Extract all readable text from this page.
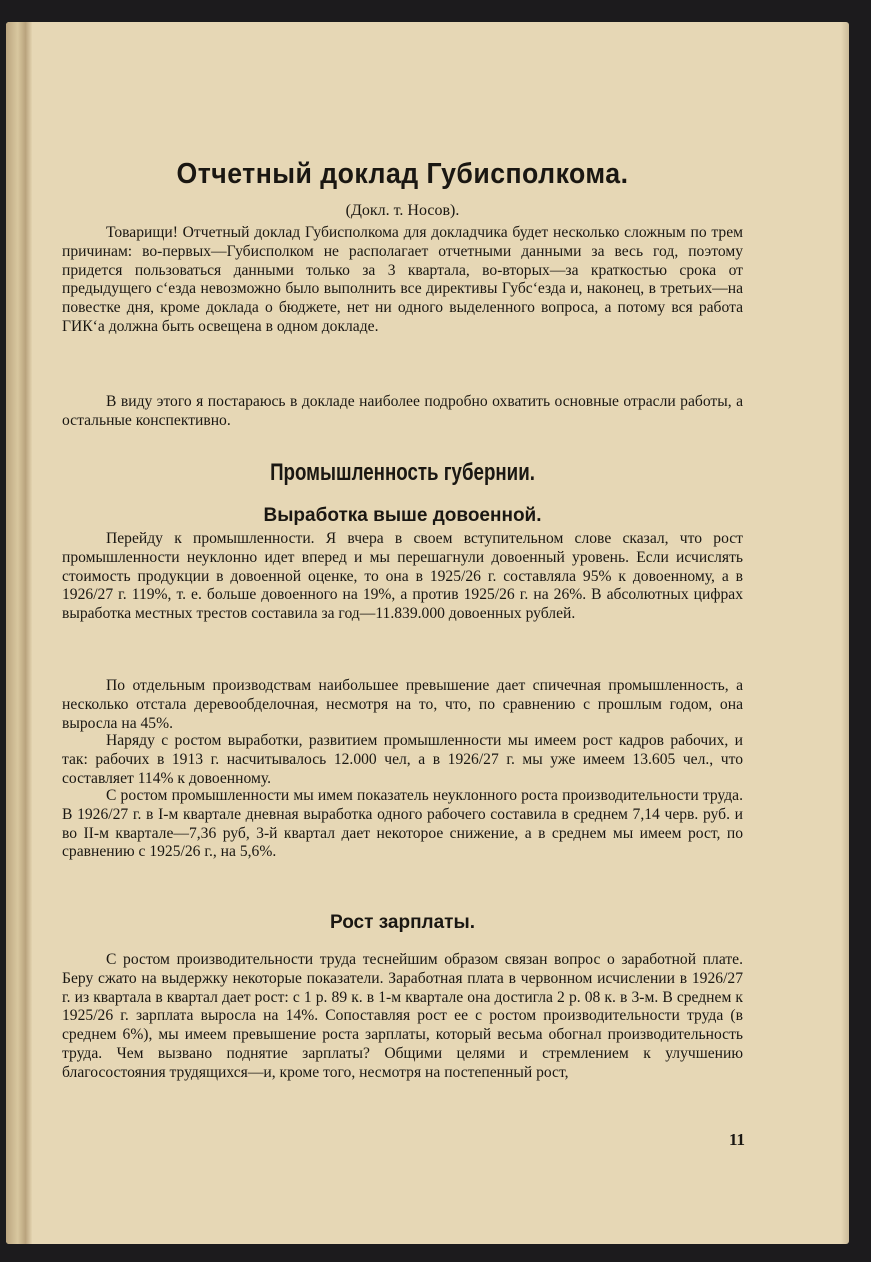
Отчетный доклад Губисполкома.
(Докл. т. Носов).

Товарищи! Отчетный доклад Губисполкома для докладчика будет несколько сложным по трем причинам: во-первых—Губисполком не располагает отчетными данными за весь год, поэтому придется пользоваться данными только за 3 квартала, во-вторых—за краткостью срока от предыдущего с‘езда невозможно было выполнить все директивы Губс‘езда и, наконец, в третьих—на повестке дня, кроме доклада о бюджете, нет ни одного выделенного вопроса, а потому вся работа ГИК‘а должна быть освещена в одном докладе.

В виду этого я постараюсь в докладе наиболее подробно охватить основные отрасли работы, а остальные конспективно.

Промышленность губернии.
Выработка выше довоенной.

Перейду к промышленности. Я вчера в своем вступительном слове сказал, что рост промышленности неуклонно идет вперед и мы перешагнули довоенный уровень. Если исчислять стоимость продукции в довоенной оценке, то она в 1925/26 г. составляла 95% к довоенному, а в 1926/27 г. 119%, т. е. больше довоенного на 19%, а против 1925/26 г. на 26%. В абсолютных цифрах выработка местных трестов составила за год—11.839.000 довоенных рублей.

По отдельным производствам наибольшее превышение дает спичечная промышленность, а несколько отстала деревообделочная, несмотря на то, что, по сравнению с прошлым годом, она выросла на 45%.

Наряду с ростом выработки, развитием промышленности мы имеем рост кадров рабочих, и так: рабочих в 1913 г. насчитывалось 12.000 чел, а в 1926/27 г. мы уже имеем 13.605 чел., что составляет 114% к довоенному.

С ростом промышленности мы имем показатель неуклонного роста производительности труда. В 1926/27 г. в I-м квартале дневная выработка одного рабочего составила в среднем 7,14 черв. руб. и во II-м квартале—7,36 руб, 3-й квартал дает некоторое снижение, а в среднем мы имеем рост, по сравнению с 1925/26 г., на 5,6%.

Рост зарплаты.

С ростом производительности труда теснейшим образом связан вопрос о заработной плате. Беру сжато на выдержку некоторые показатели. Заработная плата в червонном исчислении в 1926/27 г. из квартала в квартал дает рост: с 1 р. 89 к. в 1-м квартале она достигла 2 р. 08 к. в 3-м. В среднем к 1925/26 г. зарплата выросла на 14%. Сопоставляя рост ее с ростом производительности труда (в среднем 6%), мы имеем превышение роста зарплаты, который весьма обогнал производительность труда. Чем вызвано поднятие зарплаты? Общими целями и стремлением к улучшению благосостояния трудящихся—и, кроме того, несмотря на постепенный рост,

11
